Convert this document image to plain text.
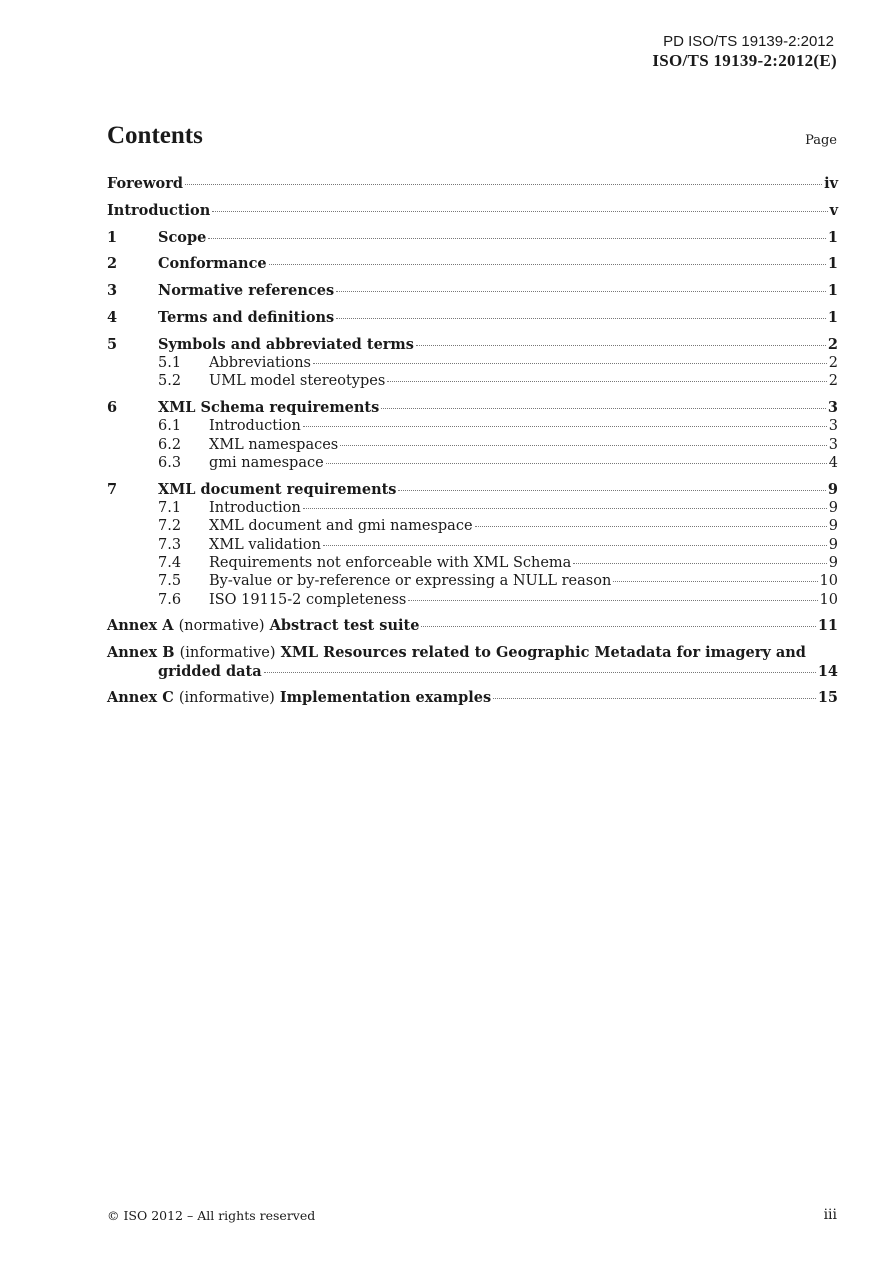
PD ISO/TS 19139-2:2012
ISO/TS 19139-2:2012(E)
Contents	Page
Foreword	iv
Introduction	v
1	Scope	1
2	Conformance	1
3	Normative references	1
4	Terms and definitions	1
5	Symbols and abbreviated terms	2
5.1	Abbreviations	2
5.2	UML model stereotypes	2
6	XML Schema requirements	3
6.1	Introduction	3
6.2	XML namespaces	3
6.3	gmi namespace	4
7	XML document requirements	9
7.1	Introduction	9
7.2	XML document and gmi namespace	9
7.3	XML validation	9
7.4	Requirements not enforceable with XML Schema	9
7.5	By-value or by-reference or expressing a NULL reason	10
7.6	ISO 19115-2 completeness	10
Annex A (normative) Abstract test suite	11
Annex B (informative) XML Resources related to Geographic Metadata for imagery and
gridded data	14
Annex C (informative) Implementation examples	15
© ISO 2012 – All rights reserved	iii
